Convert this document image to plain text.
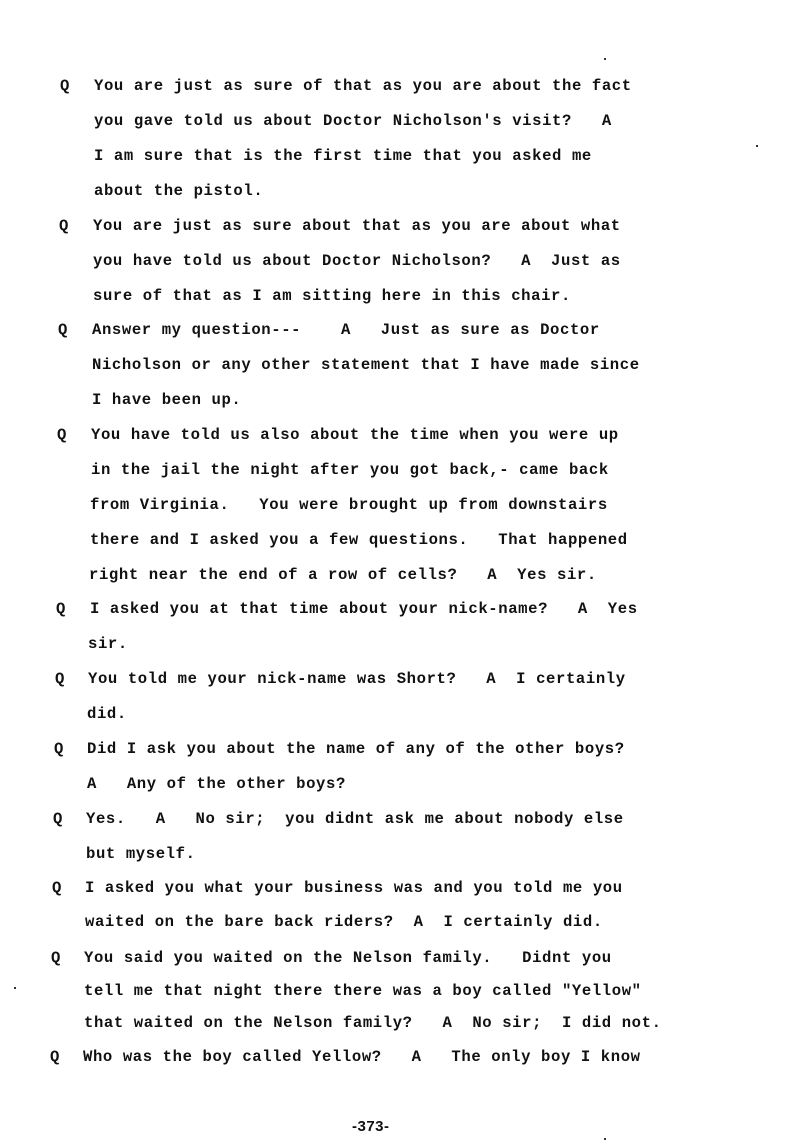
Q You are just as sure of that as you are about the fact
you gave told us about Doctor Nicholson's visit?   A
I am sure that is the first time that you asked me
about the pistol.
Q You are just as sure about that as you are about what
you have told us about Doctor Nicholson?   A  Just as
sure of that as I am sitting here in this chair.
Q Answer my question---    A   Just as sure as Doctor
Nicholson or any other statement that I have made since
I have been up.
Q You have told us also about the time when you were up
in the jail the night after you got back,- came back
from Virginia.   You were brought up from downstairs
there and I asked you a few questions.   That happened
right near the end of a row of cells?   A  Yes sir.
Q I asked you at that time about your nick-name?   A  Yes
sir.
Q You told me your nick-name was Short?   A  I certainly
did.
Q Did I ask you about the name of any of the other boys?
A   Any of the other boys?
Q Yes.   A   No sir;  you didnt ask me about nobody else
but myself.
Q I asked you what your business was and you told me you
waited on the bare back riders?  A  I certainly did.
Q You said you waited on the Nelson family.   Didnt you
tell me that night there there was a boy called "Yellow"
that waited on the Nelson family?   A  No sir;  I did not.
Q Who was the boy called Yellow?   A   The only boy I know
-373-
